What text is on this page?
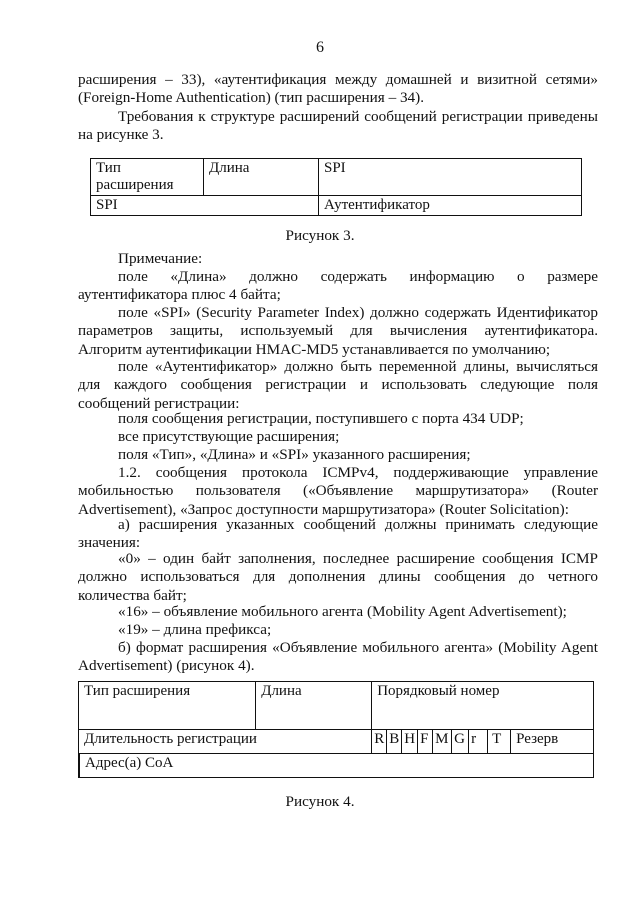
6

расширения – 33), «аутентификация между домашней и визитной сетями» (Foreign-Home Authentication) (тип расширения – 34).

Требования к структуре расширений сообщений регистрации приведены на рисунке 3.

Тип расширения	Длина	SPI
SPI		Аутентификатор
Рисунок 3.

Примечание:

поле «Длина» должно содержать информацию о размере аутентификатора плюс 4 байта;

поле «SPI» (Security Parameter Index) должно содержать Идентификатор параметров защиты, используемый для вычисления аутентификатора. Алгоритм аутентификации HMAC-MD5 устанавливается по умолчанию;

поле «Аутентификатор» должно быть переменной длины, вычисляться для каждого сообщения регистрации и использовать следующие поля сообщений регистрации:

поля сообщения регистрации, поступившего с порта 434 UDP;

все присутствующие расширения;

поля «Тип», «Длина» и «SPI» указанного расширения;

1.2. сообщения протокола ICMPv4, поддерживающие управление мобильностью пользователя («Объявление маршрутизатора» (Router Advertisement), «Запрос доступности маршрутизатора» (Router Solicitation):

а) расширения указанных сообщений должны принимать следующие значения:

«0» – один байт заполнения, последнее расширение сообщения ICMP должно использоваться для дополнения длины сообщения до четного количества байт;

«16» – объявление мобильного агента (Mobility Agent Advertisement);

«19» – длина префикса;

б) формат расширения «Объявление мобильного агента» (Mobility Agent Advertisement) (рисунок 4).

Тип расширения	Длина	Порядковый номер								
Длительность регистрации		R	B	H	F	M	G	r	T	Резерв
	Адрес(а) CoA										
Рисунок 4.
